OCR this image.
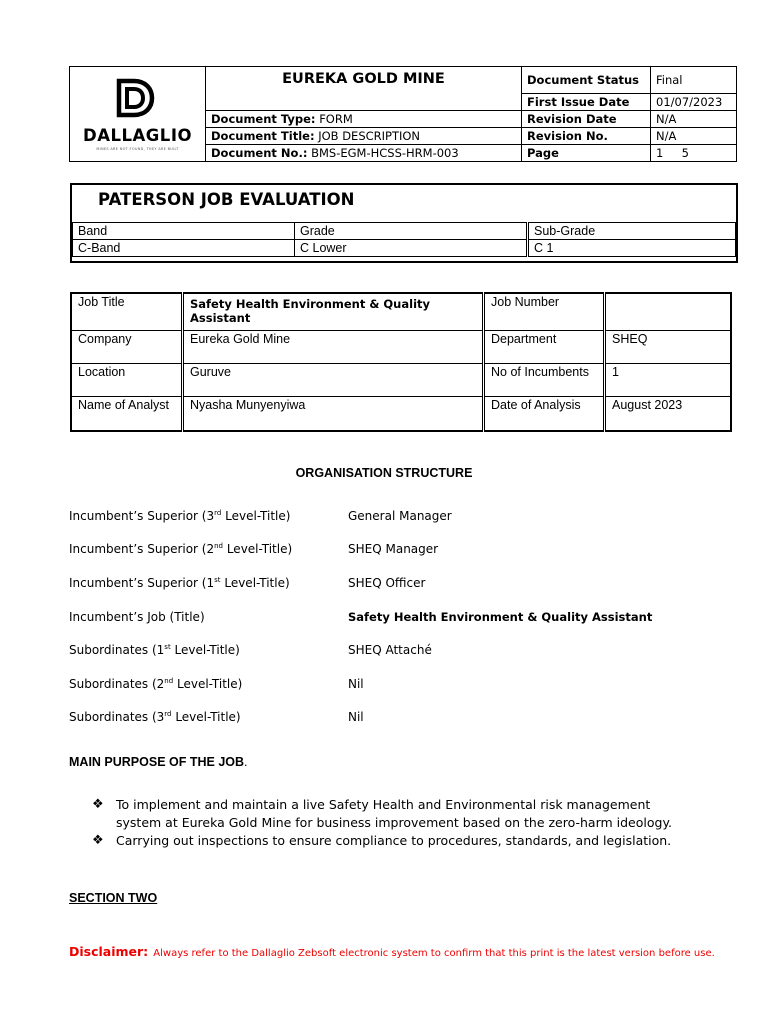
DALLAGLIO
MINES ARE NOT FOUND, THEY ARE BUILT	EUREKA GOLD MINE	Document Status	Final
		First Issue Date	01/07/2023
	Document Type: FORM	Revision Date	N/A
	Document Title: JOB DESCRIPTION	Revision No.	N/A
	Document No.: BMS-EGM-HCSS-HRM-003	Page	1     5
PATERSON JOB EVALUATION
Band	Grade	Sub-Grade
C-Band	C Lower	C 1
Job Title	Safety Health Environment & Quality Assistant	Job Number	
Company	Eureka Gold Mine	Department	SHEQ
Location	Guruve	No of Incumbents	1
Name of Analyst	Nyasha Munyenyiwa	Date of Analysis	August 2023
ORGANISATION STRUCTURE
Incumbent’s Superior (3rd Level-Title)	General Manager
Incumbent’s Superior (2nd Level-Title)	SHEQ Manager
Incumbent’s Superior (1st Level-Title)	SHEQ Officer
Incumbent’s Job (Title)	Safety Health Environment & Quality Assistant
Subordinates (1st Level-Title)	SHEQ Attaché
Subordinates (2nd Level-Title)	Nil
Subordinates (3rd Level-Title)	Nil
MAIN PURPOSE OF THE JOB.
❖ To implement and maintain a live Safety Health and Environmental risk management system at Eureka Gold Mine for business improvement based on the zero-harm ideology.
❖ Carrying out inspections to ensure compliance to procedures, standards, and legislation.
SECTION TWO
Disclaimer: Always refer to the Dallaglio Zebsoft electronic system to confirm that this print is the latest version before use.
